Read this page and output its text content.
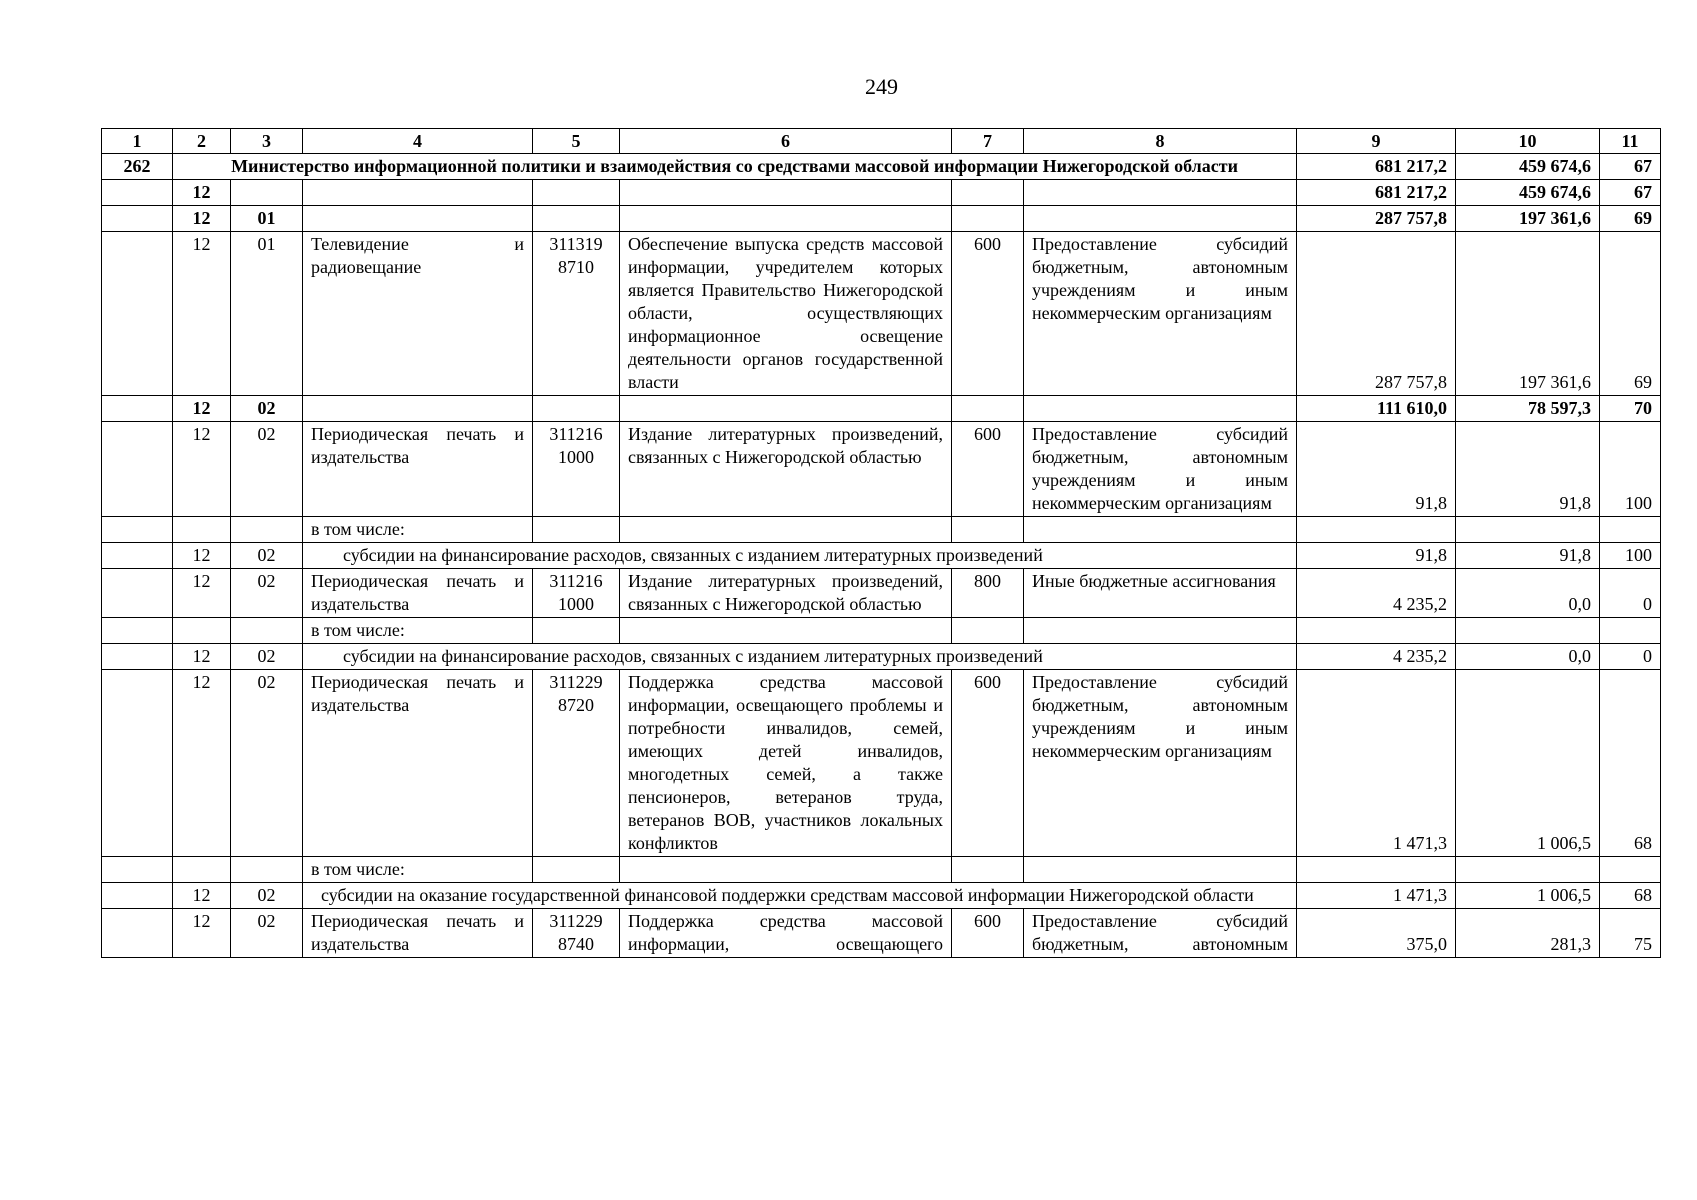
249
1	2	3	4	5	6	7	8	9	10	11
262	Министерство информационной политики и взаимодействия со средствами массовой информации Нижегородской области							681 217,2	459 674,6	67
	12							681 217,2	459 674,6	67
	12	01						287 757,8	197 361,6	69
	12	01	Телевидение и радиовещание	311319 8710	Обеспечение выпуска средств массовой информации, учредителем которых является Правительство Нижегородской области, осуществляющих информационное освещение деятельности органов государственной власти	600	Предоставление субсидий бюджетным, автономным учреждениям и иным некоммерческим организациям	287 757,8	197 361,6	69
	12	02						111 610,0	78 597,3	70
	12	02	Периодическая печать и издательства	311216 1000	Издание литературных произведений, связанных с Нижегородской областью	600	Предоставление субсидий бюджетным, автономным учреждениям и иным некоммерческим организациям	91,8	91,8	100
			в том числе:							
	12	02	субсидии на финансирование расходов, связанных с изданием литературных произведений					91,8	91,8	100
	12	02	Периодическая печать и издательства	311216 1000	Издание литературных произведений, связанных с Нижегородской областью	800	Иные бюджетные ассигнования	4 235,2	0,0	0
			в том числе:							
	12	02	субсидии на финансирование расходов, связанных с изданием литературных произведений					4 235,2	0,0	0
	12	02	Периодическая печать и издательства	311229 8720	Поддержка средства массовой информации, освещающего проблемы и потребности инвалидов, семей, имеющих детей инвалидов, многодетных семей, а также пенсионеров, ветеранов труда, ветеранов ВОВ, участников локальных конфликтов	600	Предоставление субсидий бюджетным, автономным учреждениям и иным некоммерческим организациям	1 471,3	1 006,5	68
			в том числе:							
	12	02	субсидии на оказание государственной финансовой поддержки средствам массовой информации Нижегородской области					1 471,3	1 006,5	68
	12	02	Периодическая печать и издательства	311229 8740	Поддержка средства массовой информации, освещающего	600	Предоставление субсидий бюджетным, автономным	375,0	281,3	75
